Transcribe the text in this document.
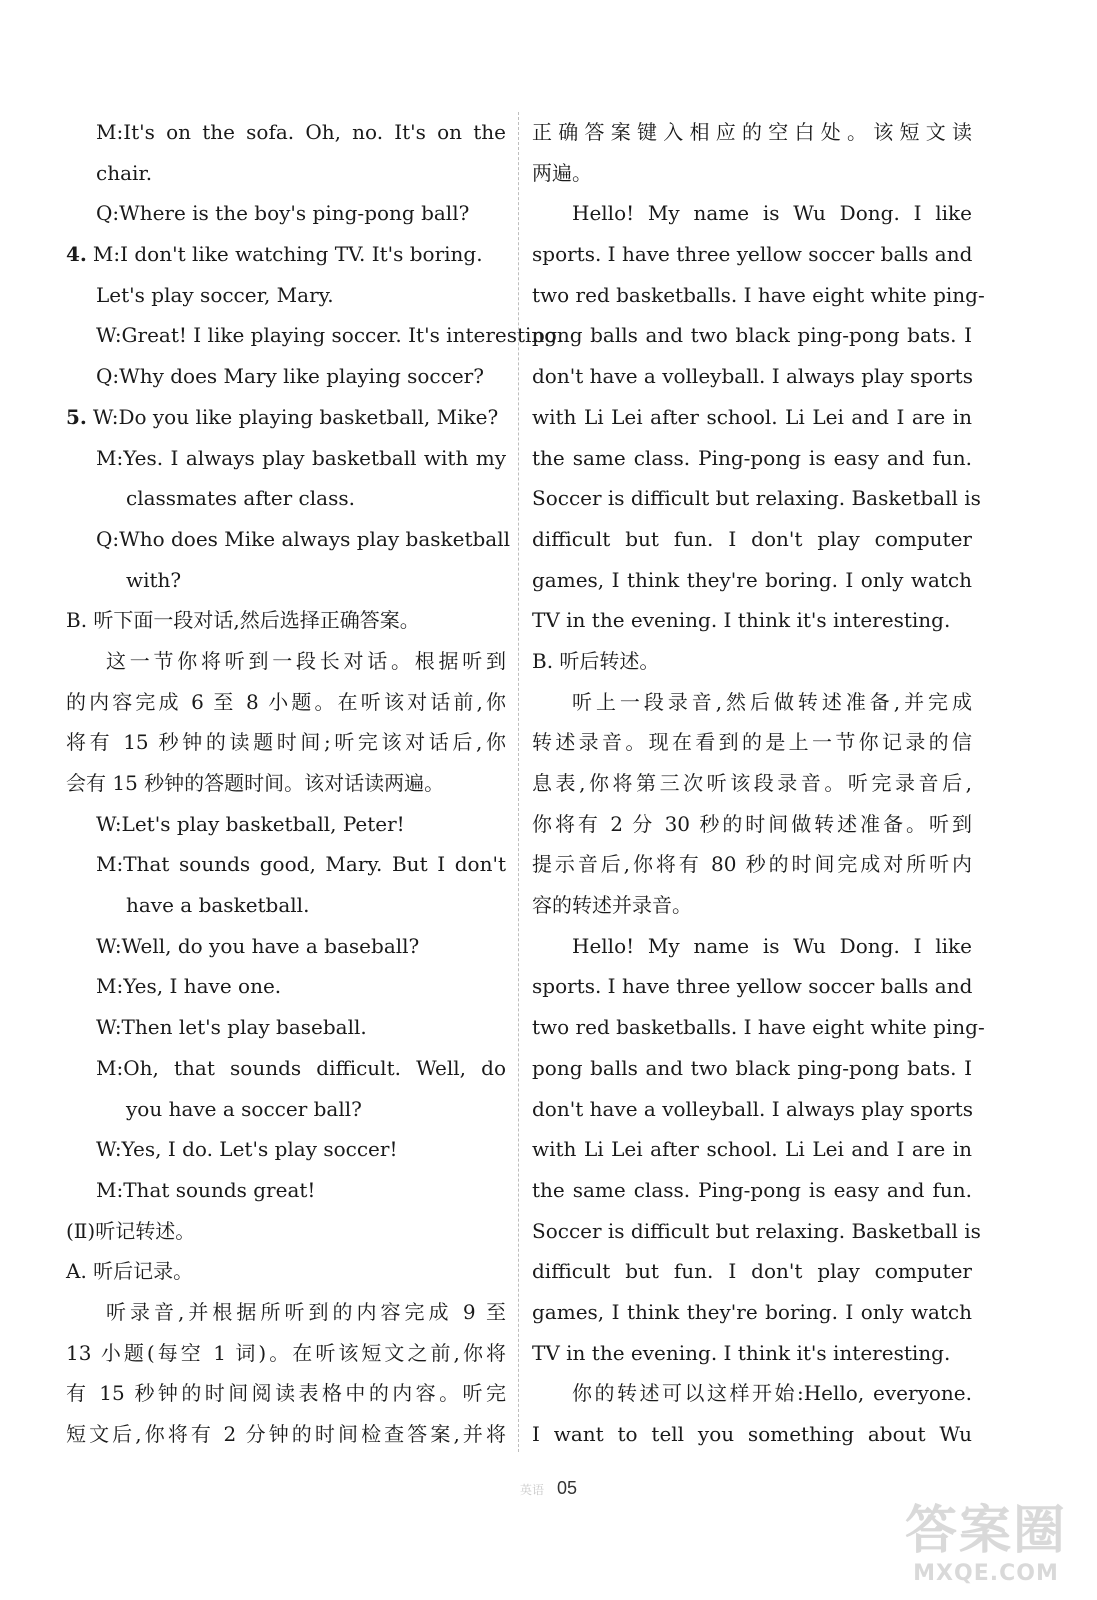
M:It's on the sofa. Oh, no. It's on the
chair.
Q:Where is the boy's ping-pong ball?
4. M:I don't like watching TV. It's boring.
Let's play soccer, Mary.
W:Great! I like playing soccer. It's interesting.
Q:Why does Mary like playing soccer?
5. W:Do you like playing basketball, Mike?
M:Yes. I always play basketball with my
classmates after class.
Q:Who does Mike always play basketball
with?
B. 听下面一段对话,然后选择正确答案。
这一节你将听到一段长对话。根据听到
的内容完成 6 至 8 小题。在听该对话前,你
将有 15 秒钟的读题时间;听完该对话后,你
会有 15 秒钟的答题时间。该对话读两遍。
W:Let's play basketball, Peter!
M:That sounds good, Mary. But I don't
have a basketball.
W:Well, do you have a baseball?
M:Yes, I have one.
W:Then let's play baseball.
M:Oh, that sounds difficult. Well, do
you have a soccer ball?
W:Yes, I do. Let's play soccer!
M:That sounds great!
(Ⅱ)听记转述。
A. 听后记录。
听录音,并根据所听到的内容完成 9 至
13 小题(每空 1 词)。在听该短文之前,你将
有 15 秒钟的时间阅读表格中的内容。听完
短文后,你将有 2 分钟的时间检查答案,并将
正确答案键入相应的空白处。该短文读
两遍。
Hello! My name is Wu Dong. I like
sports. I have three yellow soccer balls and
two red basketballs. I have eight white ping-
pong balls and two black ping-pong bats. I
don't have a volleyball. I always play sports
with Li Lei after school. Li Lei and I are in
the same class. Ping-pong is easy and fun.
Soccer is difficult but relaxing. Basketball is
difficult but fun. I don't play computer
games, I think they're boring. I only watch
TV in the evening. I think it's interesting.
B. 听后转述。
听上一段录音,然后做转述准备,并完成
转述录音。现在看到的是上一节你记录的信
息表,你将第三次听该段录音。听完录音后,
你将有 2 分 30 秒的时间做转述准备。听到
提示音后,你将有 80 秒的时间完成对所听内
容的转述并录音。
Hello! My name is Wu Dong. I like
sports. I have three yellow soccer balls and
two red basketballs. I have eight white ping-
pong balls and two black ping-pong bats. I
don't have a volleyball. I always play sports
with Li Lei after school. Li Lei and I are in
the same class. Ping-pong is easy and fun.
Soccer is difficult but relaxing. Basketball is
difficult but fun. I don't play computer
games, I think they're boring. I only watch
TV in the evening. I think it's interesting.
你的转述可以这样开始:Hello, everyone.
I want to tell you something about Wu
英语 05
答案圈
MXQE.COM
